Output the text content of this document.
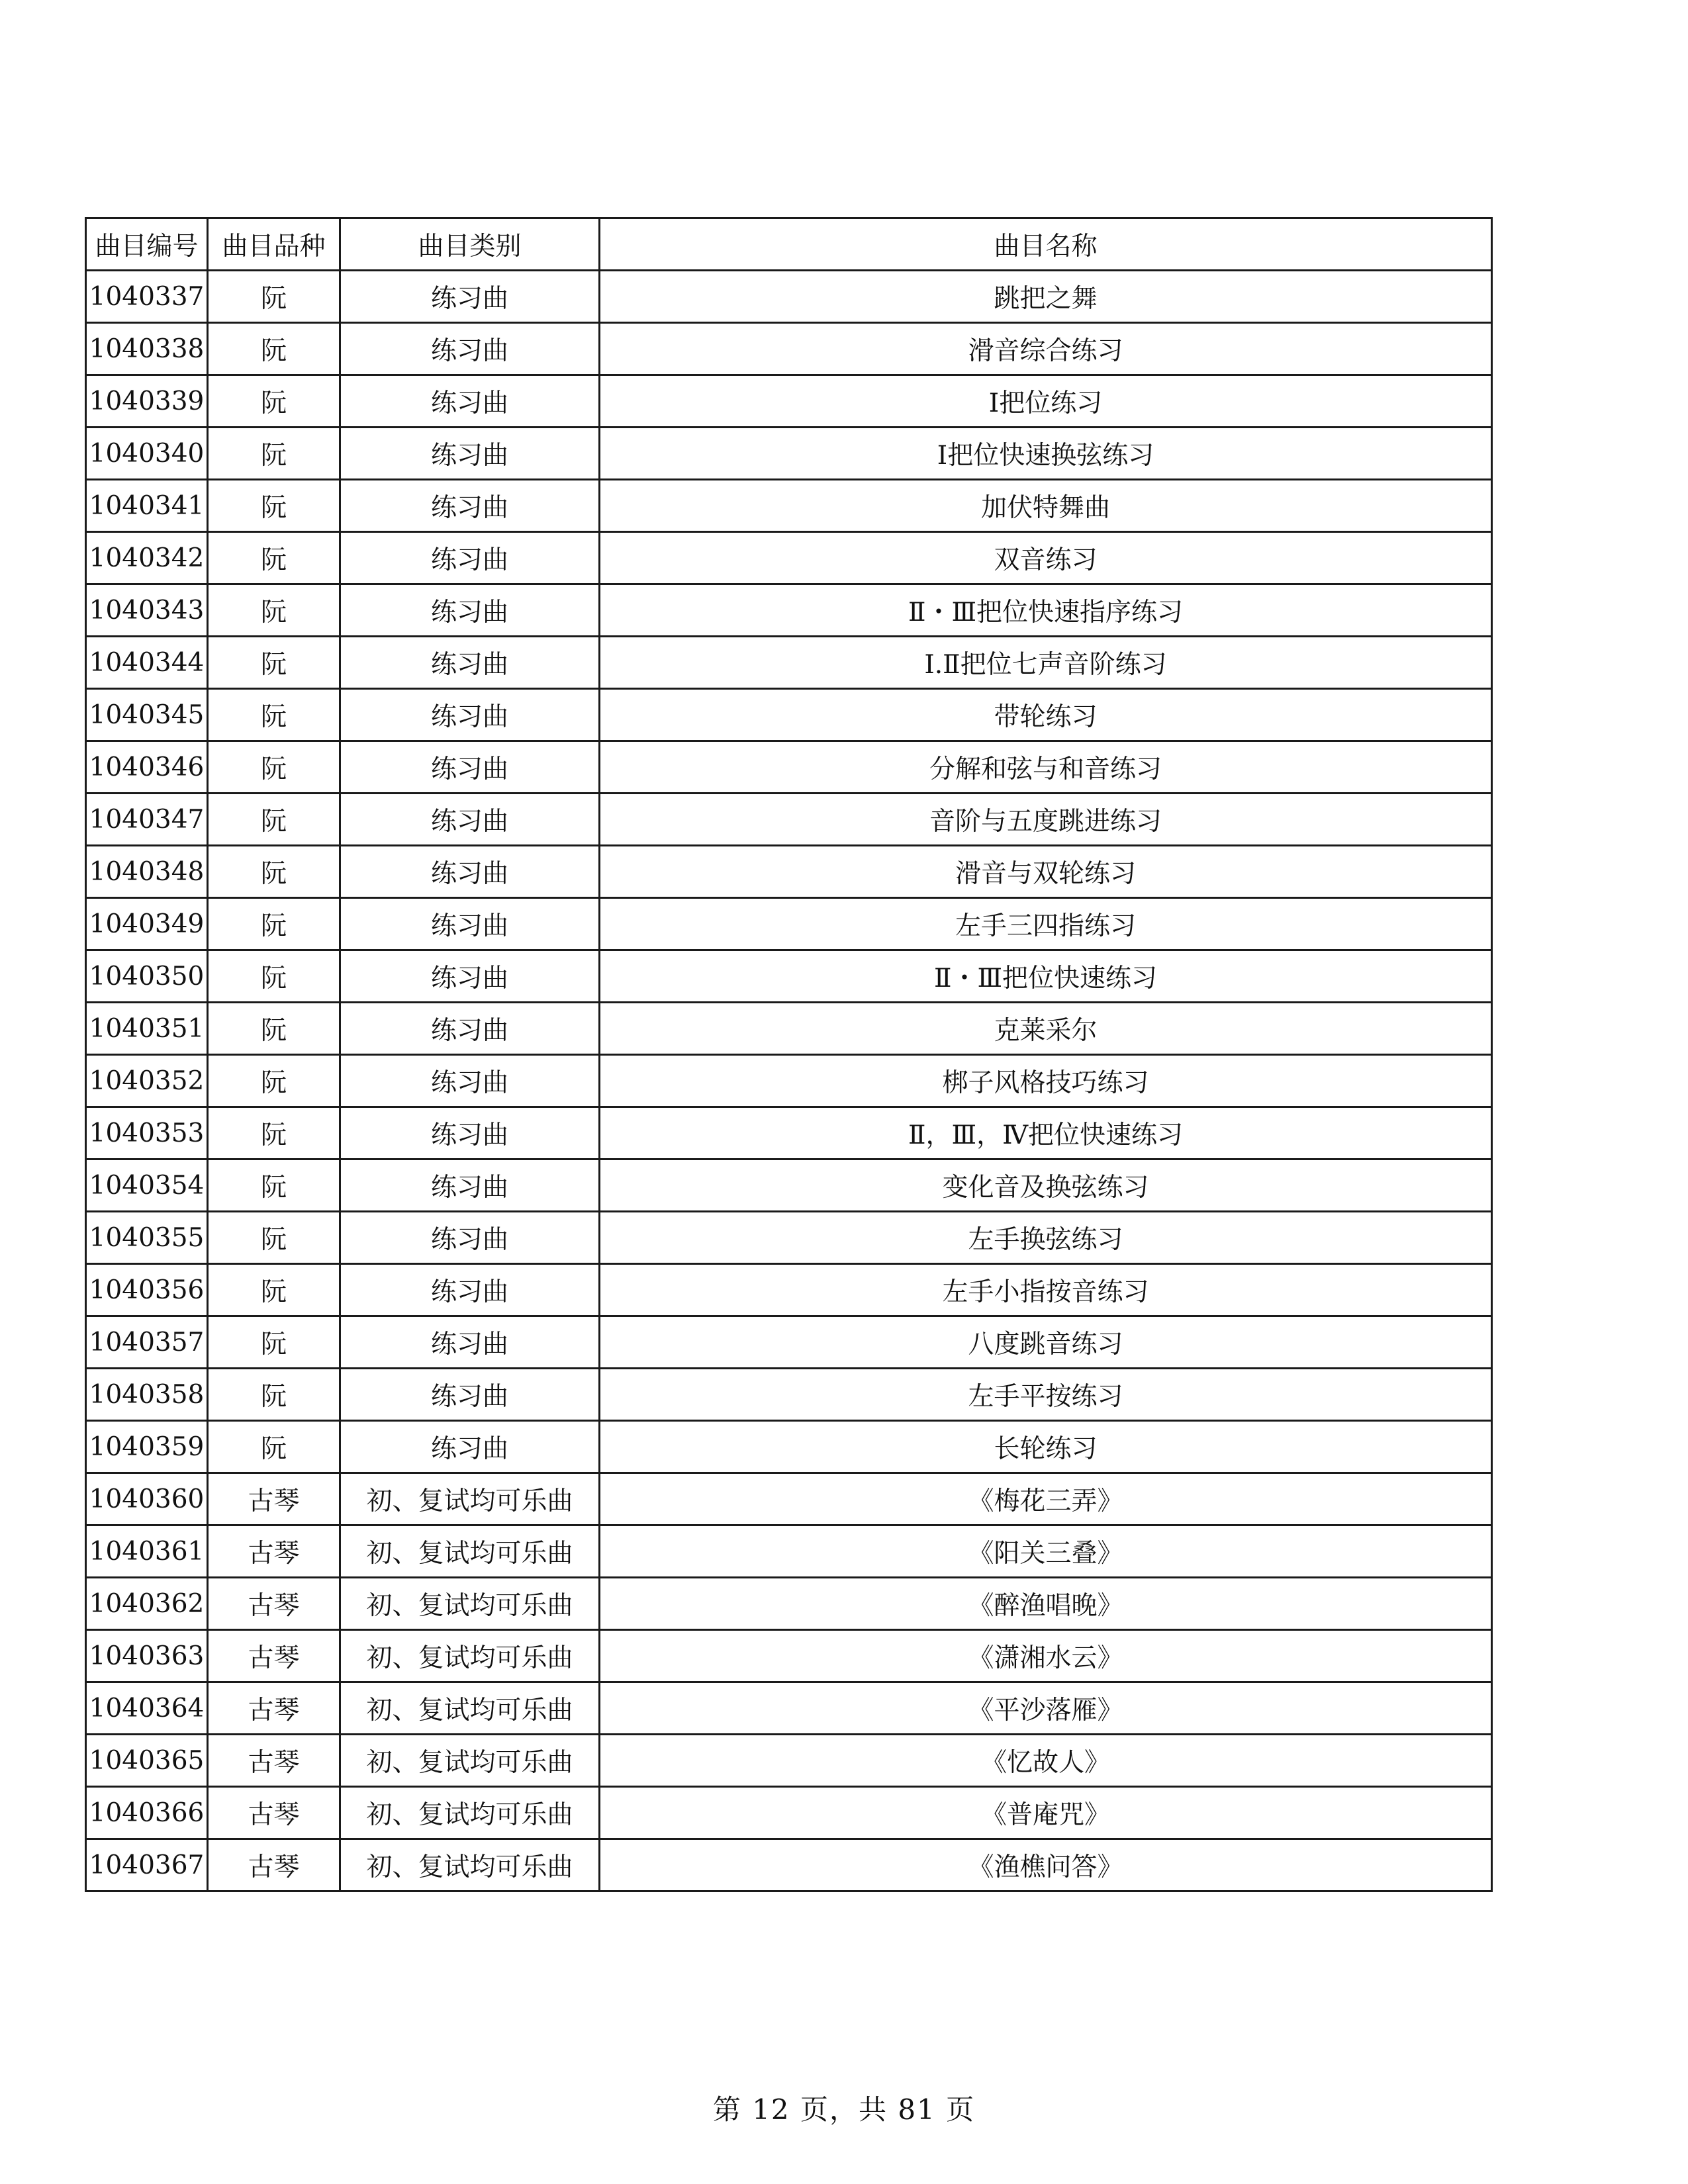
曲目编号	曲目品种	曲目类别	曲目名称
1040337	阮	练习曲	跳把之舞
1040338	阮	练习曲	滑音综合练习
1040339	阮	练习曲	Ⅰ把位练习
1040340	阮	练习曲	Ⅰ把位快速换弦练习
1040341	阮	练习曲	加伏特舞曲
1040342	阮	练习曲	双音练习
1040343	阮	练习曲	Ⅱ・Ⅲ把位快速指序练习
1040344	阮	练习曲	Ⅰ.Ⅱ把位七声音阶练习
1040345	阮	练习曲	带轮练习
1040346	阮	练习曲	分解和弦与和音练习
1040347	阮	练习曲	音阶与五度跳进练习
1040348	阮	练习曲	滑音与双轮练习
1040349	阮	练习曲	左手三四指练习
1040350	阮	练习曲	Ⅱ・Ⅲ把位快速练习
1040351	阮	练习曲	克莱采尔
1040352	阮	练习曲	梆子风格技巧练习
1040353	阮	练习曲	Ⅱ，Ⅲ，Ⅳ把位快速练习
1040354	阮	练习曲	变化音及换弦练习
1040355	阮	练习曲	左手换弦练习
1040356	阮	练习曲	左手小指按音练习
1040357	阮	练习曲	八度跳音练习
1040358	阮	练习曲	左手平按练习
1040359	阮	练习曲	长轮练习
1040360	古琴	初、复试均可乐曲	《梅花三弄》
1040361	古琴	初、复试均可乐曲	《阳关三叠》
1040362	古琴	初、复试均可乐曲	《醉渔唱晚》
1040363	古琴	初、复试均可乐曲	《潇湘水云》
1040364	古琴	初、复试均可乐曲	《平沙落雁》
1040365	古琴	初、复试均可乐曲	《忆故人》
1040366	古琴	初、复试均可乐曲	《普庵咒》
1040367	古琴	初、复试均可乐曲	《渔樵问答》
第 12 页，共 81 页
